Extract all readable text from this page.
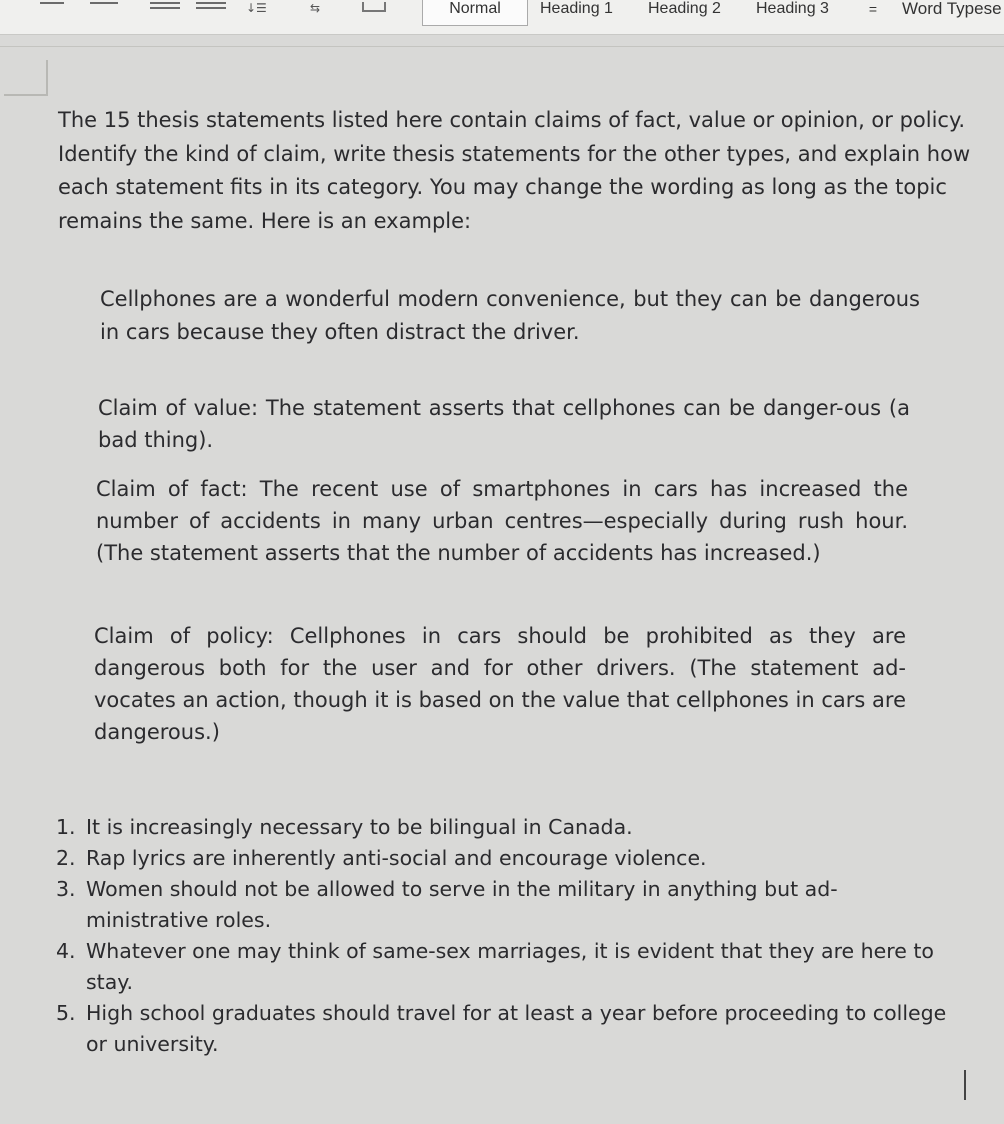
↓☰	⇆	Normal	Heading 1	Heading 2	Heading 3	=	Word Typese

The 15 thesis statements listed here contain claims of fact, value or opinion, or policy. Identify the kind of claim, write thesis statements for the other types, and explain how each statement fits in its category. You may change the wording as long as the topic remains the same. Here is an example:

Cellphones are a wonderful modern convenience, but they can be dangerous in cars because they often distract the driver.

Claim of value: The statement asserts that cellphones can be danger-ous (a bad thing).

Claim of fact: The recent use of smartphones in cars has increased the number of accidents in many urban centres—especially during rush hour. (The statement asserts that the number of accidents has increased.)

Claim of policy: Cellphones in cars should be prohibited as they are dangerous both for the user and for other drivers. (The statement ad-vocates an action, though it is based on the value that cellphones in cars are dangerous.)

1. It is increasingly necessary to be bilingual in Canada.
2. Rap lyrics are inherently anti-social and encourage violence.
3. Women should not be allowed to serve in the military in anything but ad-ministrative roles.
4. Whatever one may think of same-sex marriages, it is evident that they are here to stay.
5. High school graduates should travel for at least a year before proceeding to college or university.
